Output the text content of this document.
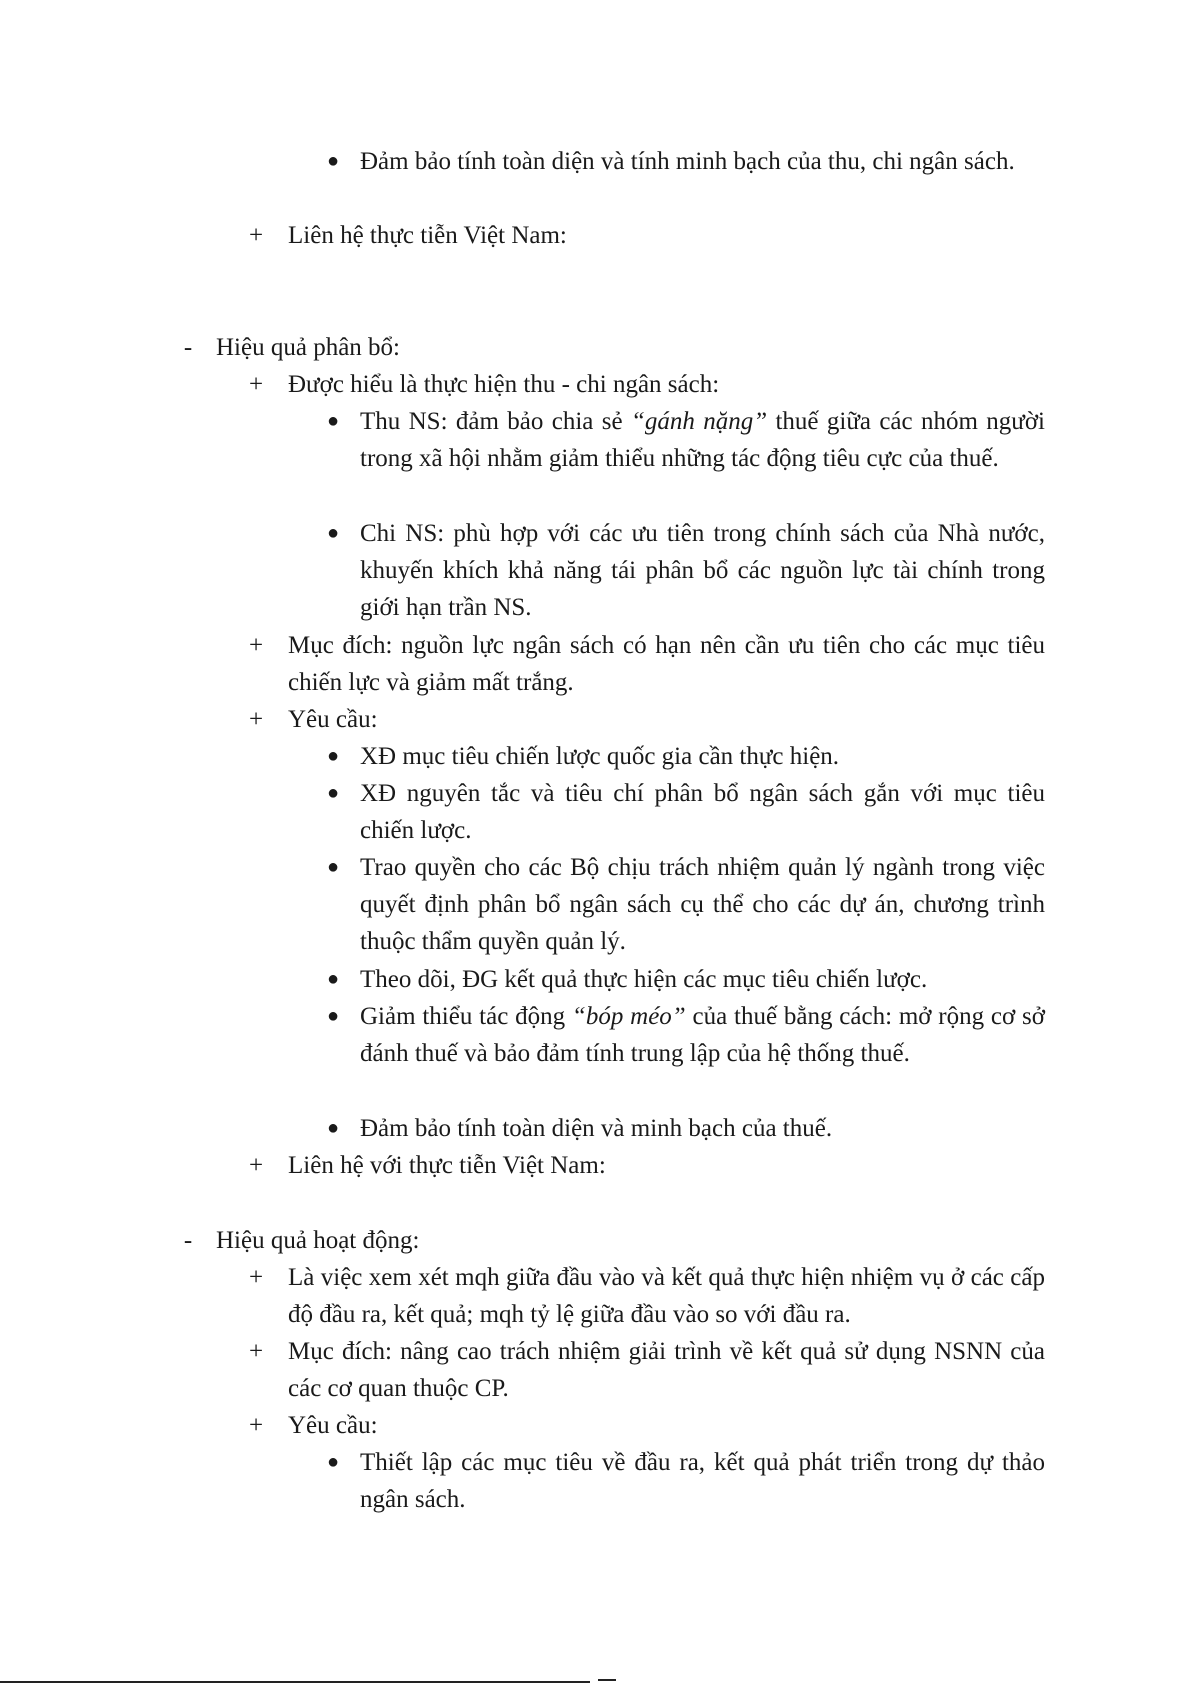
● Đảm bảo tính toàn diện và tính minh bạch của thu, chi ngân sách.
+ Liên hệ thực tiễn Việt Nam:
- Hiệu quả phân bổ:
+ Được hiểu là thực hiện thu - chi ngân sách:
● Thu NS: đảm bảo chia sẻ “gánh nặng” thuế giữa các nhóm người trong xã hội nhằm giảm thiểu những tác động tiêu cực của thuế.
● Chi NS: phù hợp với các ưu tiên trong chính sách của Nhà nước, khuyến khích khả năng tái phân bổ các nguồn lực tài chính trong giới hạn trần NS.
+ Mục đích: nguồn lực ngân sách có hạn nên cần ưu tiên cho các mục tiêu chiến lực và giảm mất trắng.
+ Yêu cầu:
● XĐ mục tiêu chiến lược quốc gia cần thực hiện.
● XĐ nguyên tắc và tiêu chí phân bổ ngân sách gắn với mục tiêu chiến lược.
● Trao quyền cho các Bộ chịu trách nhiệm quản lý ngành trong việc quyết định phân bổ ngân sách cụ thể cho các dự án, chương trình thuộc thẩm quyền quản lý.
● Theo dõi, ĐG kết quả thực hiện các mục tiêu chiến lược.
● Giảm thiểu tác động “bóp méo” của thuế bằng cách: mở rộng cơ sở đánh thuế và bảo đảm tính trung lập của hệ thống thuế.
● Đảm bảo tính toàn diện và minh bạch của thuế.
+ Liên hệ với thực tiễn Việt Nam:
- Hiệu quả hoạt động:
+ Là việc xem xét mqh giữa đầu vào và kết quả thực hiện nhiệm vụ ở các cấp độ đầu ra, kết quả; mqh tỷ lệ giữa đầu vào so với đầu ra.
+ Mục đích: nâng cao trách nhiệm giải trình về kết quả sử dụng NSNN của các cơ quan thuộc CP.
+ Yêu cầu:
● Thiết lập các mục tiêu về đầu ra, kết quả phát triển trong dự thảo ngân sách.
